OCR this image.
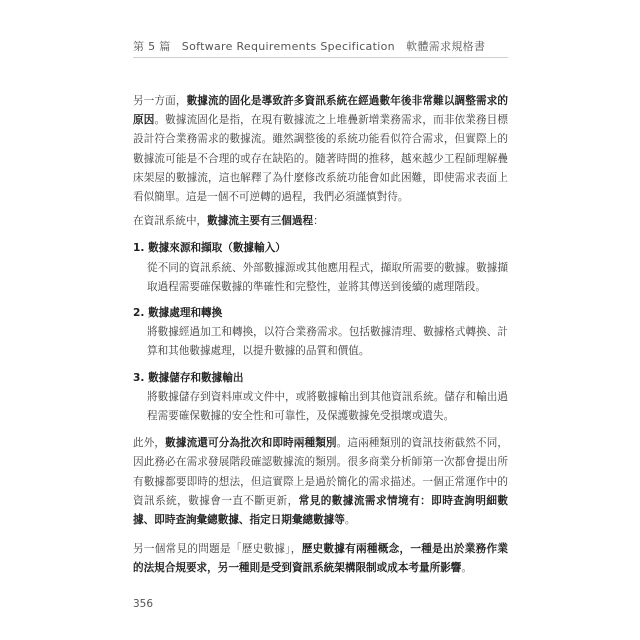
第 5 篇　Software Requirements Specification　軟體需求規格書

另一方面，數據流的固化是導致許多資訊系統在經過數年後非常難以調整需求的原因。數據流固化是指，在現有數據流之上堆疊新增業務需求，而非依業務目標設計符合業務需求的數據流。雖然調整後的系統功能看似符合需求，但實際上的數據流可能是不合理的或存在缺陷的。隨著時間的推移，越來越少工程師理解疊床架屋的數據流，這也解釋了為什麼修改系統功能會如此困難，即使需求表面上看似簡單。這是一個不可逆轉的過程，我們必須謹慎對待。

在資訊系統中，數據流主要有三個過程：

1. 數據來源和擷取（數據輸入）
從不同的資訊系統、外部數據源或其他應用程式，擷取所需要的數據。數據擷取過程需要確保數據的準確性和完整性，並將其傳送到後續的處理階段。
2. 數據處理和轉換
將數據經過加工和轉換，以符合業務需求。包括數據清理、數據格式轉換、計算和其他數據處理，以提升數據的品質和價值。
3. 數據儲存和數據輸出
將數據儲存到資料庫或文件中，或將數據輸出到其他資訊系統。儲存和輸出過程需要確保數據的安全性和可靠性，及保護數據免受損壞或遺失。

此外，數據流還可分為批次和即時兩種類別。這兩種類別的資訊技術截然不同，因此務必在需求發展階段確認數據流的類別。很多商業分析師第一次都會提出所有數據都要即時的想法，但這實際上是過於簡化的需求描述。一個正常運作中的資訊系統，數據會一直不斷更新，常見的數據流需求情境有：即時查詢明細數據、即時查詢彙總數據、指定日期彙總數據等。

另一個常見的問題是「歷史數據」，歷史數據有兩種概念，一種是出於業務作業的法規合規要求，另一種則是受到資訊系統架構限制或成本考量所影響。

356
